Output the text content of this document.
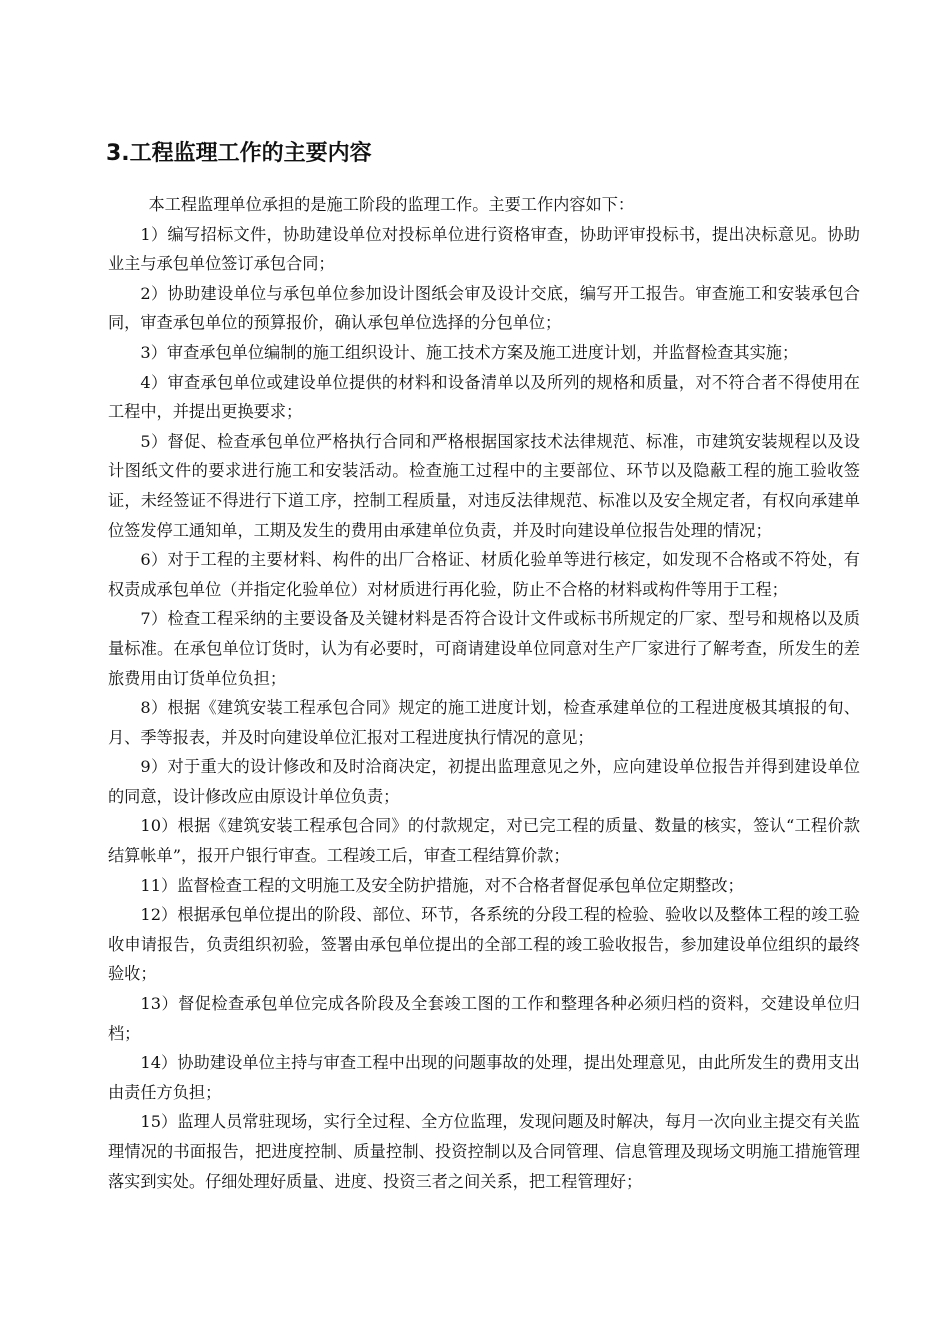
3.工程监理工作的主要内容

本工程监理单位承担的是施工阶段的监理工作。主要工作内容如下：

1）编写招标文件，协助建设单位对投标单位进行资格审查，协助评审投标书，提出决标意见。协助业主与承包单位签订承包合同；

2）协助建设单位与承包单位参加设计图纸会审及设计交底，编写开工报告。审查施工和安装承包合同，审查承包单位的预算报价，确认承包单位选择的分包单位；

3）审查承包单位编制的施工组织设计、施工技术方案及施工进度计划，并监督检查其实施；

4）审查承包单位或建设单位提供的材料和设备清单以及所列的规格和质量，对不符合者不得使用在工程中，并提出更换要求；

5）督促、检查承包单位严格执行合同和严格根据国家技术法律规范、标准，市建筑安装规程以及设计图纸文件的要求进行施工和安装活动。检查施工过程中的主要部位、环节以及隐蔽工程的施工验收签证，未经签证不得进行下道工序，控制工程质量，对违反法律规范、标准以及安全规定者，有权向承建单位签发停工通知单，工期及发生的费用由承建单位负责，并及时向建设单位报告处理的情况；

6）对于工程的主要材料、构件的出厂合格证、材质化验单等进行核定，如发现不合格或不符处，有权责成承包单位（并指定化验单位）对材质进行再化验，防止不合格的材料或构件等用于工程；

7）检查工程采纳的主要设备及关键材料是否符合设计文件或标书所规定的厂家、型号和规格以及质量标准。在承包单位订货时，认为有必要时，可商请建设单位同意对生产厂家进行了解考查，所发生的差旅费用由订货单位负担；

8）根据《建筑安装工程承包合同》规定的施工进度计划，检查承建单位的工程进度极其填报的旬、月、季等报表，并及时向建设单位汇报对工程进度执行情况的意见；

9）对于重大的设计修改和及时洽商决定，初提出监理意见之外，应向建设单位报告并得到建设单位的同意，设计修改应由原设计单位负责；

10）根据《建筑安装工程承包合同》的付款规定，对已完工程的质量、数量的核实，签认“工程价款结算帐单”，报开户银行审查。工程竣工后，审查工程结算价款；

11）监督检查工程的文明施工及安全防护措施，对不合格者督促承包单位定期整改；

12）根据承包单位提出的阶段、部位、环节，各系统的分段工程的检验、验收以及整体工程的竣工验收申请报告，负责组织初验，签署由承包单位提出的全部工程的竣工验收报告，参加建设单位组织的最终验收；

13）督促检查承包单位完成各阶段及全套竣工图的工作和整理各种必须归档的资料，交建设单位归档；

14）协助建设单位主持与审查工程中出现的问题事故的处理，提出处理意见，由此所发生的费用支出由责任方负担；

15）监理人员常驻现场，实行全过程、全方位监理，发现问题及时解决，每月一次向业主提交有关监理情况的书面报告，把进度控制、质量控制、投资控制以及合同管理、信息管理及现场文明施工措施管理落实到实处。仔细处理好质量、进度、投资三者之间关系，把工程管理好；
